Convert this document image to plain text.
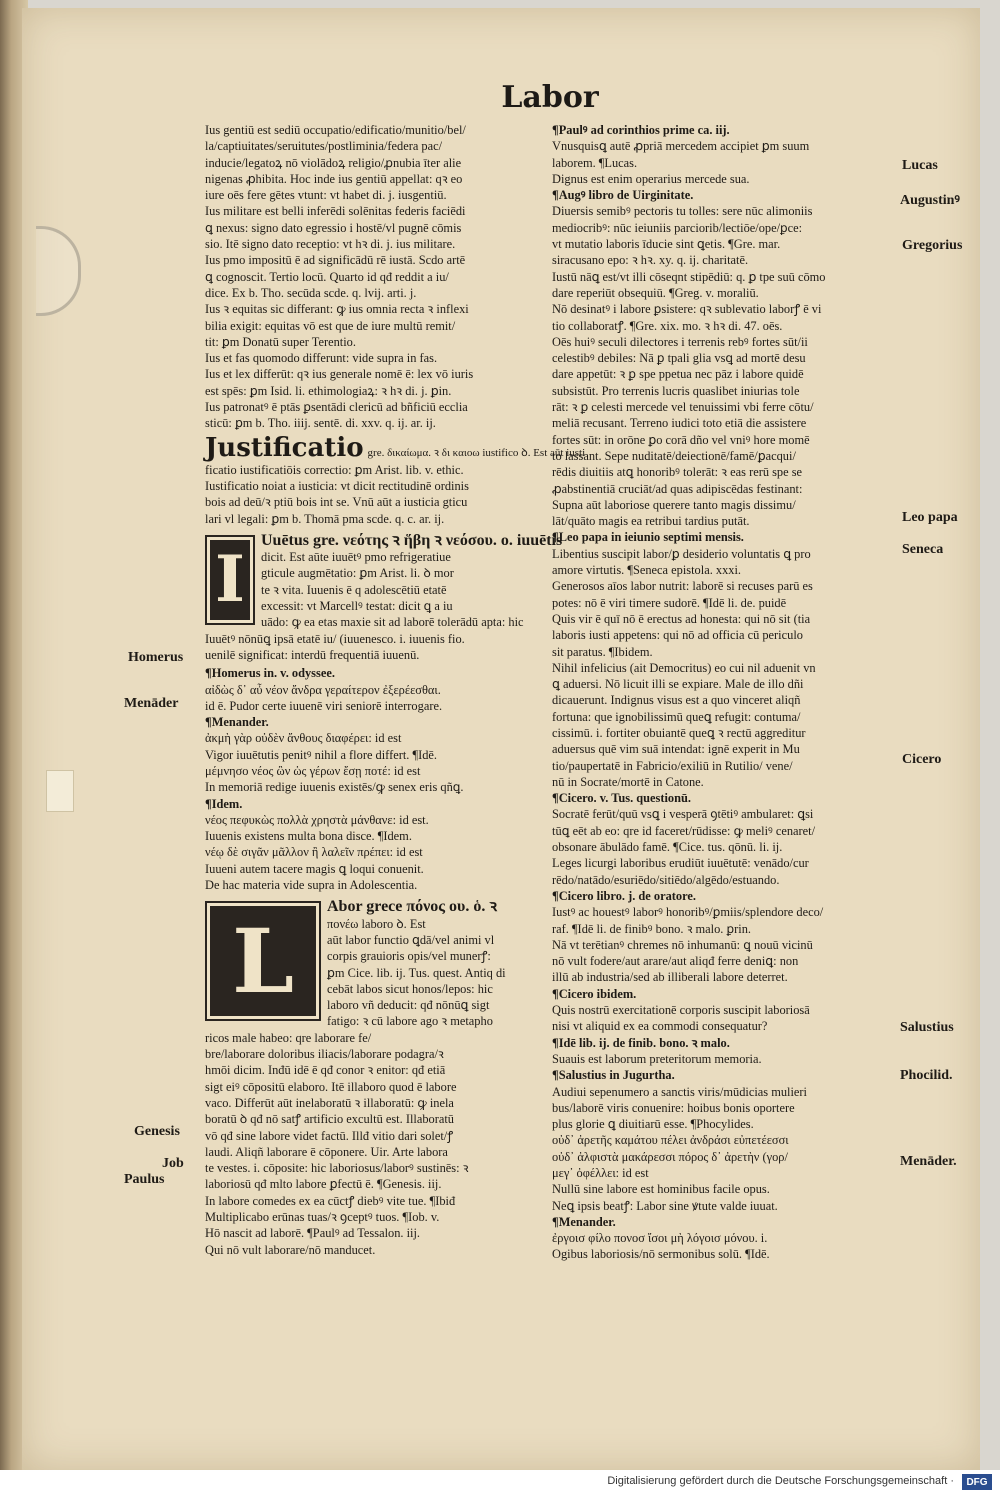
Labor
Ius gentiū est sediū occupatio/edificatio/munitio/bel/
la/captiuitates/seruitutes/postliminia/federa pac/
inducie/legatoꝝ nō violādoꝝ religio/ꝓnubia īter alie
nigenas ꝓhibita. Hoc inde ius gentiū appellat: qꝛ eo
iure oēs fere gētes vtunt: vt habet di. j. iusgentiū.
Ius militare est belli inferēdi solēnitas federis faciēdi
ꝗ nexus: signo dato egressio i hostē/vl pugnē cōmis
sio. Itē signo dato receptio: vt hꝛ di. j. ius militare.
Ius pmo impositū ē ad significādū rē iustā. Scdo artē
ꝗ cognoscit. Tertio locū. Quarto id qđ reddit a iu/
dice. Ex b. Tho. secūda scde. q. lvij. arti. j.
Ius ꝛ equitas sic differant: ꝙ ius omnia recta ꝛ inflexi
bilia exigit: equitas vō est que de iure multū remit/
tit: ꝑm Donatū super Terentio.
Ius et fas quomodo differunt: vide supra in fas.
Ius et lex differūt: qꝛ ius generale nomē ē: lex vō iuris
est spēs: ꝑm Isid. li. ethimologiaꝝ: ꝛ hꝛ di. j. ꝑin.
Ius patronatꝰ ē ptās ꝑsentādi clericū ad bñficiū ecclia
sticū: ꝑm b. Tho. iiij. sentē. di. xxv. q. ij. ar. ij.
Justificatio gre. δικαίωμα. ꝛ δι καιοω iustifico ꝺ. Est aūt iusti
ficatio iustificatiōis correctio: ꝑm Arist. lib. v. ethic.
Iustificatio noiat a iusticia: vt dicit rectitudinē ordinis
bois ad deū/ꝛ ptiū bois int se. Vnū aūt a iusticia gticu
lari vl legali: ꝑm b. Thomā pma scde. q. c. ar. ij.
I
Uuētus gre. νεότης ꝛ ἥβη ꝛ νεόσου. ο. iuuētis
dicit. Est aūte iuuētꝰ pmo refrigeratiue
gticule augmētatio: ꝑm Arist. li. ꝺ mor
te ꝛ vita. Iuuenis ē q adolescētiū etatē
excessit: vt Marcellꝰ testat: dicit ꝗ a iu
uādo: ꝙ ea etas maxie sit ad laborē tolerādū apta: hic
Iuuētꝰ nōnūꝗ ipsā etatē iu/ (iuuenesco. i. iuuenis fio.
uenilē significat: interdū frequentiā iuuenū.
¶Homerus in. v. odyssee.
αἰδὼς δ᾽ αὖ νέον ἄνδρα γεραίτερον ἐξερέεσθαι.
id ē. Pudor certe iuuenē viri seniorē interrogare.
¶Menander.
ἀκμὴ γὰρ οὐδὲν ἄνθους διαφέρει: id est
Vigor iuuētutis penitꝰ nihil a flore differt. ¶Idē.
μέμνησο νέος ὢν ὡς γέρων ἔσῃ ποτέ: id est
In memoriā redige iuuenis existēs/ꝙ senex eris qñꝗ.
¶Idem.
νέος πεφυκὼς πολλὰ χρηστὰ μάνθανε: id est.
Iuuenis existens multa bona disce. ¶Idem.
νέῳ δὲ σιγᾶν μᾶλλον ἢ λαλεῖν πρέπει: id est
Iuueni autem tacere magis ꝗ loqui conuenit.
De hac materia vide supra in Adolescentia.
L
Abor grece πόνος ου. ὁ. ꝛ
πονέω laboro ꝺ. Est
aūt labor functio ꝗdā/vel animi vl
corpis grauioris opis/vel munerꝭ:
ꝑm Cice. lib. ij. Tus. quest. Antiq di
cebāt labos sicut honos/lepos: hic
laboro vñ deducit: qđ nōnūꝗ sigt
fatigo: ꝛ cū labore ago ꝛ metapho
ricos male habeo: qre laborare fe/
bre/laborare doloribus iliacis/laborare podagra/ꝛ
hmōi dicim. Inđū idē ē qđ conor ꝛ enitor: qđ etiā
sigt eiꝰ cōpositū elaboro. Itē illaboro quod ē labore
vaco. Differūt aūt inelaboratū ꝛ illaboratū: ꝙ inela
boratū ꝺ qđ nō satꝭ artificio excultū est. Illaboratū
vō qđ sine labore videt factū. Illđ vitio dari solet/ꝭ
laudi. Aliqñ laborare ē cōponere. Uir. Arte labora
te vestes. i. cōposite: hic laboriosus/laborꝰ sustinēs: ꝛ
laboriosū qđ mlto labore ꝑfectū ē. ¶Genesis. iij.
In labore comedes ex ea cūctꝭ diebꝰ vite tue. ¶Ibiđ
Multiplicabo erūnas tuas/ꝛ ꝯceptꝰ tuos. ¶Iob. v.
Hō nascit ad laborē. ¶Paulꝰ ad Tessalon. iij.
Qui nō vult laborare/nō manducet.
¶Paulꝰ ad corinthios prime ca. iij.
Vnusquisꝗ autē ꝓpriā mercedem accipiet ꝑm suum
laborem. ¶Lucas.
Dignus est enim operarius mercede sua.
¶Augꝰ libro de Uirginitate.
Diuersis semibꝰ pectoris tu tolles: sere nūc alimoniis
mediocribꝰ: nūc ieiuniis parciorib/lectiōe/ope/ꝑce:
vt mutatio laboris īducie sint ꝗetis. ¶Gre. mar.
siracusano epo: ꝛ hꝛ. xy. q. ij. charitatē.
Iustū nāꝗ est/vt illi cōseqnt stipēdiū: q. ꝑ tpe suū cōmo
dare reperiūt obsequiū. ¶Greg. v. moraliū.
Nō desinatꝰ i labore ꝑsistere: qꝛ sublevatio laborꝭ ē vi
tio collaboratꝭ. ¶Gre. xix. mo. ꝛ hꝛ di. 47. oēs.
Oēs huiꝰ seculi dilectores i terrenis rebꝰ fortes sūt/ii
celestibꝰ debiles: Nā ꝑ tpali glia vsꝗ ad mortē desu
dare appetūt: ꝛ ꝑ spe ppetua nec pāz i labore quidē
subsistūt. Pro terrenis lucris quaslibet iniurias tole
rāt: ꝛ ꝑ celesti mercede vel tenuissimi vbi ferre cōtu/
meliā recusant. Terreno iudici toto etiā die assistere
fortes sūt: in orōne ꝑo corā dño vel vniꝰ hore momē
to lassant. Sepe nuditatē/deiectionē/famē/ꝑacqui/
rēdis diuitiis atꝗ honoribꝰ tolerāt: ꝛ eas rerū spe se
ꝓabstinentiā cruciāt/ad quas adipiscēdas festinant:
Supna aūt laboriose querere tanto magis dissimu/
lāt/quāto magis ea retribui tardius putāt.
¶Leo papa in ieiunio septimi mensis.
Libentius suscipit labor/ꝑ desiderio voluntatis ꝗ pro
amore virtutis. ¶Seneca epistola. xxxi.
Generosos aīos labor nutrit: laborē si recuses parū es
potes: nō ē viri timere sudorē. ¶Idē li. de. puidē
Quis vir ē quī nō ē erectus ad honesta: qui nō sit (tia
laboris iusti appetens: qui nō ad officia cū periculo
sit paratus. ¶Ibidem.
Nihil infelicius (ait Democritus) eo cui nil aduenit vn
ꝗ aduersi. Nō licuit illi se expiare. Male de illo dñi
dicauerunt. Indignus visus est a quo vinceret aliqñ
fortuna: que ignobilissimū queꝗ refugit: contuma/
cissimū. i. fortiter obuiantē queꝗ ꝛ rectū aggreditur
aduersus quē vim suā intendat: ignē experit in Mu
tio/paupertatē in Fabricio/exiliū in Rutilio/ vene/
nū in Socrate/mortē in Catone.
¶Cicero. v. Tus. questionū.
Socratē ferūt/quū vsꝗ i vesperā ꝯtētiꝰ ambularet: ꝗsi
tūꝗ eēt ab eo: qre id faceret/rūdisse: ꝙ meliꝰ cenaret/
obsonare ābulādo famē. ¶Cice. tus. qōnū. li. ij.
Leges licurgi laboribus erudiūt iuuētutē: venādo/cur
rēdo/natādo/esuriēdo/sitiēdo/algēdo/estuando.
¶Cicero libro. j. de oratore.
Iustꝰ ac houestꝰ laborꝰ honoribꝰ/ꝑmiis/splendore deco/
raf. ¶Idē li. de finibꝰ bono. ꝛ malo. ꝑrin.
Nā vt terētianꝰ chremes nō inhumanū: ꝗ nouū vicinū
nō vult fodere/aut arare/aut aliqđ ferre deniꝗ: non
illū ab industria/sed ab illiberali labore deterret.
¶Cicero ibidem.
Quis nostrū exercitationē corporis suscipit laboriosā
nisi vt aliquid ex ea commodi consequatur?
¶Idē lib. ij. de finib. bono. ꝛ malo.
Suauis est laborum preteritorum memoria.
¶Salustius in Jugurtha.
Audiui sepenumero a sanctis viris/mūdicias mulieri
bus/laborē viris conuenire: hoibus bonis oportere
plus glorie ꝗ diuitiarū esse. ¶Phocylides.
οὐδ᾽ ἀρετῆς καμάτου πέλει ἀνδράσι εὐπετέεσσι
οὐδ᾽ ἀλφιστὰ μακάρεσσι πόρος δ᾽ ἀρετὴν (γορ/
μεγ᾽ ὀφέλλει: id est
Nullū sine labore est hominibus facile opus.
Neꝗ ipsis beatꝭ: Labor sine ꝟtute valde iuuat.
¶Menander.
ἐργοισ φίλο πονοσ ἴσοι μὴ λόγοισ μόνου. i.
Ogibus laboriosis/nō sermonibus solū. ¶Idē.
Homerus
Menāder
Genesis
Job
Paulus
Lucas
Augustinꝰ
Gregorius
Leo papa
Seneca
Cicero
Salustius
Phocilid.
Menāder.
Digitalisierung gefördert durch die Deutsche Forschungsgemeinschaft ·	DFG
